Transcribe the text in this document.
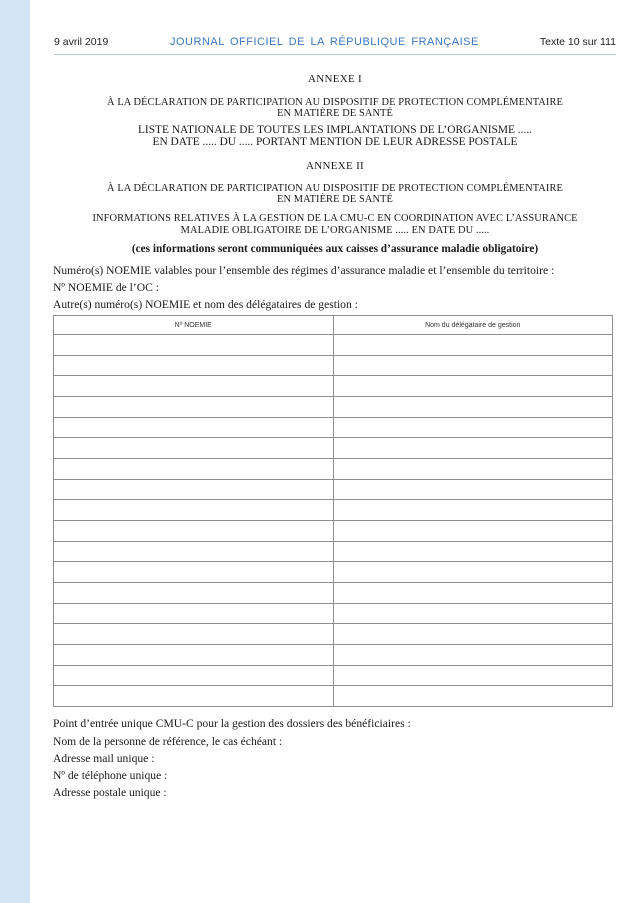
9 avril 2019	JOURNAL OFFICIEL DE LA RÉPUBLIQUE FRANÇAISE	Texte 10 sur 111
ANNEXE I
À LA DÉCLARATION DE PARTICIPATION AU DISPOSITIF DE PROTECTION COMPLÉMENTAIRE
EN MATIÈRE DE SANTÉ
LISTE NATIONALE DE TOUTES LES IMPLANTATIONS DE L’ORGANISME .....
EN DATE ..... DU ..... PORTANT MENTION DE LEUR ADRESSE POSTALE
ANNEXE II
À LA DÉCLARATION DE PARTICIPATION AU DISPOSITIF DE PROTECTION COMPLÉMENTAIRE
EN MATIÈRE DE SANTÉ
INFORMATIONS RELATIVES À LA GESTION DE LA CMU-C EN COORDINATION AVEC L’ASSURANCE
MALADIE OBLIGATOIRE DE L’ORGANISME ..... EN DATE DU .....
(ces informations seront communiquées aux caisses d’assurance maladie obligatoire)
Numéro(s) NOEMIE valables pour l’ensemble des régimes d’assurance maladie et l’ensemble du territoire :
Nº NOEMIE de l’OC :
Autre(s) numéro(s) NOEMIE et nom des délégataires de gestion :
Nº NOEMIE	Nom du délégataire de gestion

Point d’entrée unique CMU-C pour la gestion des dossiers des bénéficiaires :
Nom de la personne de référence, le cas échéant :
Adresse mail unique :
Nº de téléphone unique :
Adresse postale unique :
